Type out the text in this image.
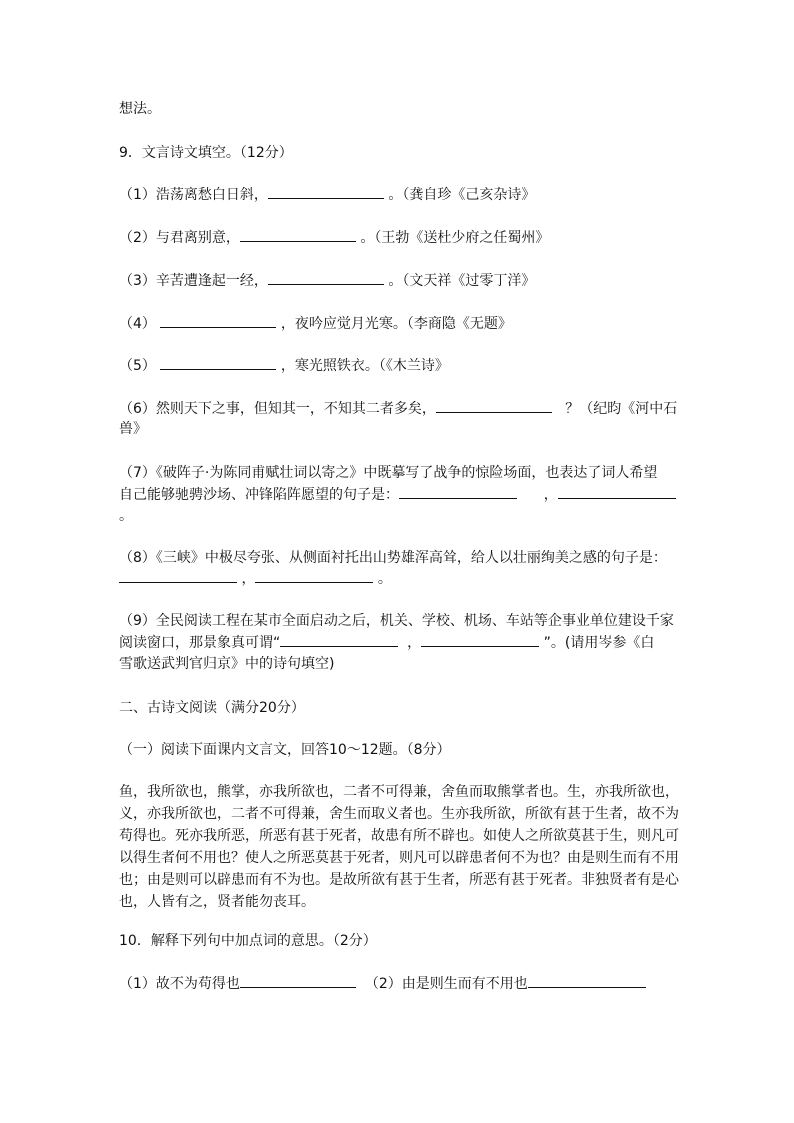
想法。

9．文言诗文填空。（12分）

（1）浩荡离愁白日斜，	。（龚自珍《己亥杂诗》

（2）与君离别意，	。（王勃《送杜少府之任蜀州》

（3）辛苦遭逢起一经，	。（文天祥《过零丁洋》

（4）	，夜吟应觉月光寒。（李商隐《无题》

（5）	，寒光照铁衣。（《木兰诗》

（6）然则天下之事，但知其一，不知其二者多矣，	？（纪昀《河中石

兽》

（7）《破阵子·为陈同甫赋壮词以寄之》中既摹写了战争的惊险场面，也表达了词人希望

自己能够驰骋沙场、冲锋陷阵愿望的句子是：	，

。

（8）《三峡》中极尽夸张、从侧面衬托出山势雄浑高耸，给人以壮丽绚美之感的句子是：

，	。

（9）全民阅读工程在某市全面启动之后，机关、学校、机场、车站等企事业单位建设千家

阅读窗口，那景象真可谓“	，	”。(请用岑参《白

雪歌送武判官归京》中的诗句填空)

二、古诗文阅读（满分20分）

（一）阅读下面课内文言文，回答10～12题。（8分）

鱼，我所欲也，熊掌，亦我所欲也，二者不可得兼，舍鱼而取熊掌者也。生，亦我所欲也，义，亦我所欲也，二者不可得兼，舍生而取义者也。生亦我所欲，所欲有甚于生者，故不为苟得也。死亦我所恶，所恶有甚于死者，故患有所不辟也。如使人之所欲莫甚于生，则凡可以得生者何不用也？使人之所恶莫甚于死者，则凡可以辟患者何不为也？由是则生而有不用也；由是则可以辟患而有不为也。是故所欲有甚于生者，所恶有甚于死者。非独贤者有是心也，人皆有之，贤者能勿丧耳。

10．解释下列句中加点词的意思。（2分）

（1）故不为苟得也	（2）由是则生而有不用也
